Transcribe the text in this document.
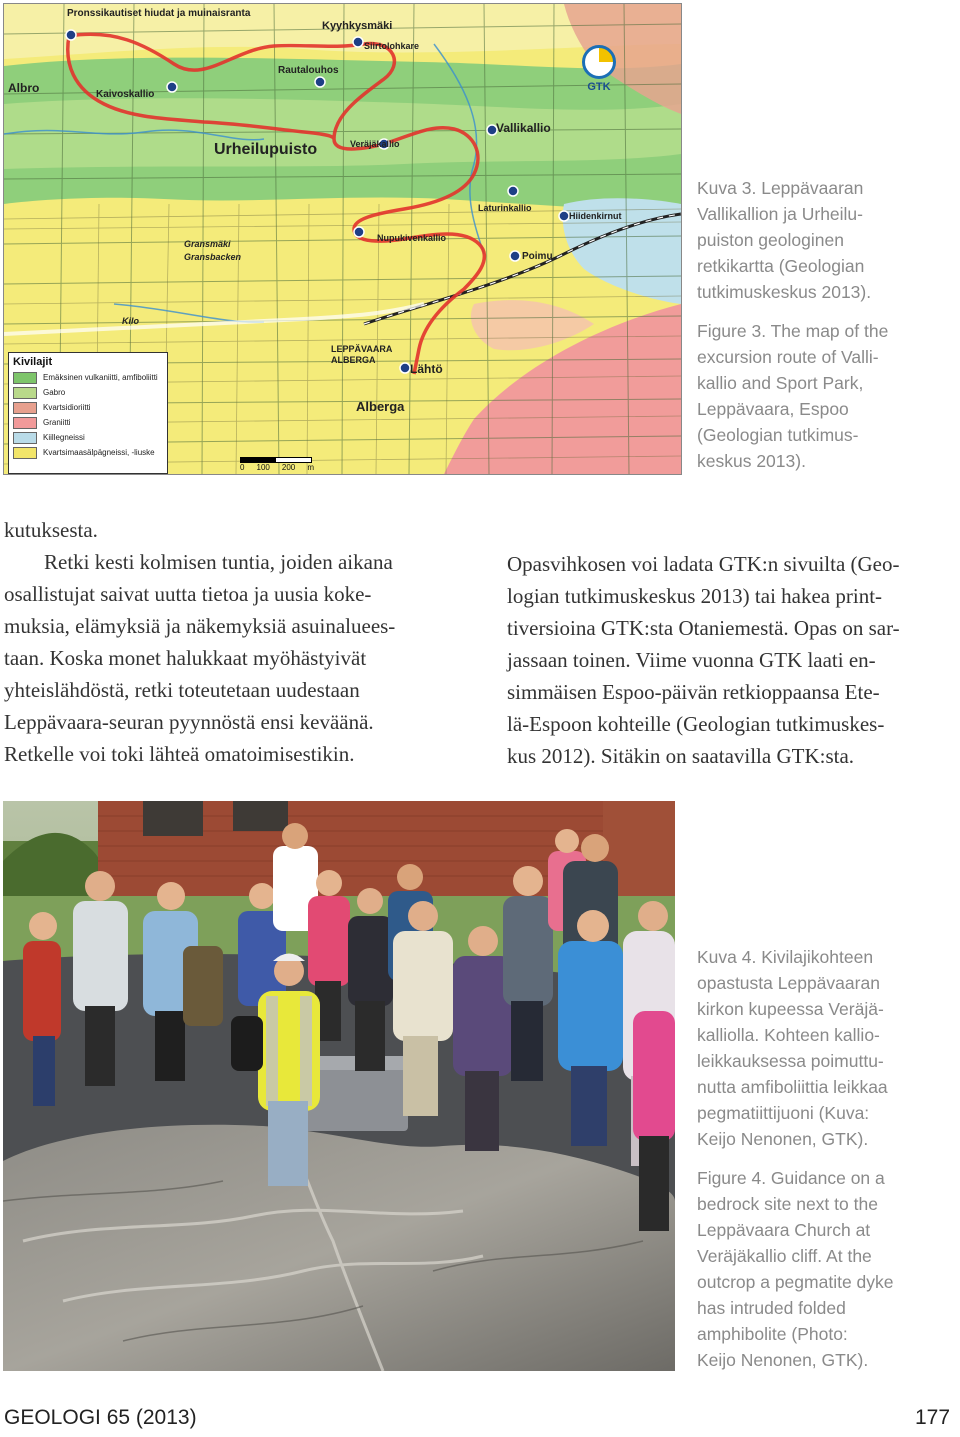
Pronssikautiset hiudat ja muinaisranta
Kyyhkysmäki
Siirtolohkare
Albro	Kaivoskallio
Rautalouhos
Urheilupuisto	Veräjäkallio
Vallikallio
Laturinkallio
Hiidenkirnut
Poimu
Gransmäki
Gransbacken
Nupukivenkallio
Kilo
LEPPÄVAARA
ALBERGA
Lähtö
Alberga
GTK
Kivilajit
Emäksinen vulkaniitti, amfiboliitti
Gabro
Kvartsidioriitti
Graniitti
Kiillegneissi
Kvartsimaasälpägneissi, -liuske
0 100 200 m

Kuva 3. Leppävaaran

Vallikallion ja Urheilu-

puiston geologinen

retkikartta (Geologian

tutkimuskeskus 2013).

Figure 3. The map of the

excursion route of Valli-

kallio and Sport Park,

Leppävaara, Espoo

(Geologian tutkimus-

keskus 2013).

kutuksesta.

Retki kesti kolmisen tuntia, joiden aikana

osallistujat saivat uutta tietoa ja uusia koke-

muksia, elämyksiä ja näkemyksiä asuinaluees-

taan. Koska monet halukkaat myöhästyivät

yhteislähdöstä, retki toteutetaan uudestaan

Leppävaara-seuran pyynnöstä ensi keväänä.

Retkelle voi toki lähteä omatoimisestikin.

Opasvihkosen voi ladata GTK:n sivuilta (Geo-

logian tutkimuskeskus 2013) tai hakea print-

tiversioina GTK:sta Otaniemestä. Opas on sar-

jassaan toinen. Viime vuonna GTK laati en-

simmäisen Espoo-päivän retkioppaansa Ete-

lä-Espoon kohteille (Geologian tutkimuskes-

kus 2012). Sitäkin on saatavilla GTK:sta.

Kuva 4. Kivilajikohteen

opastusta Leppävaaran

kirkon kupeessa Veräjä-

kalliolla. Kohteen kallio-

leikkauksessa poimuttu-

nutta amfiboliittia leikkaa

pegmatiittijuoni (Kuva:

Keijo Nenonen, GTK).

Figure 4. Guidance on a

bedrock site next to the

Leppävaara Church at

Veräjäkallio cliff. At the

outcrop a pegmatite dyke

has intruded folded

amphibolite (Photo:

Keijo Nenonen, GTK).

GEOLOGI 65 (2013)	177
